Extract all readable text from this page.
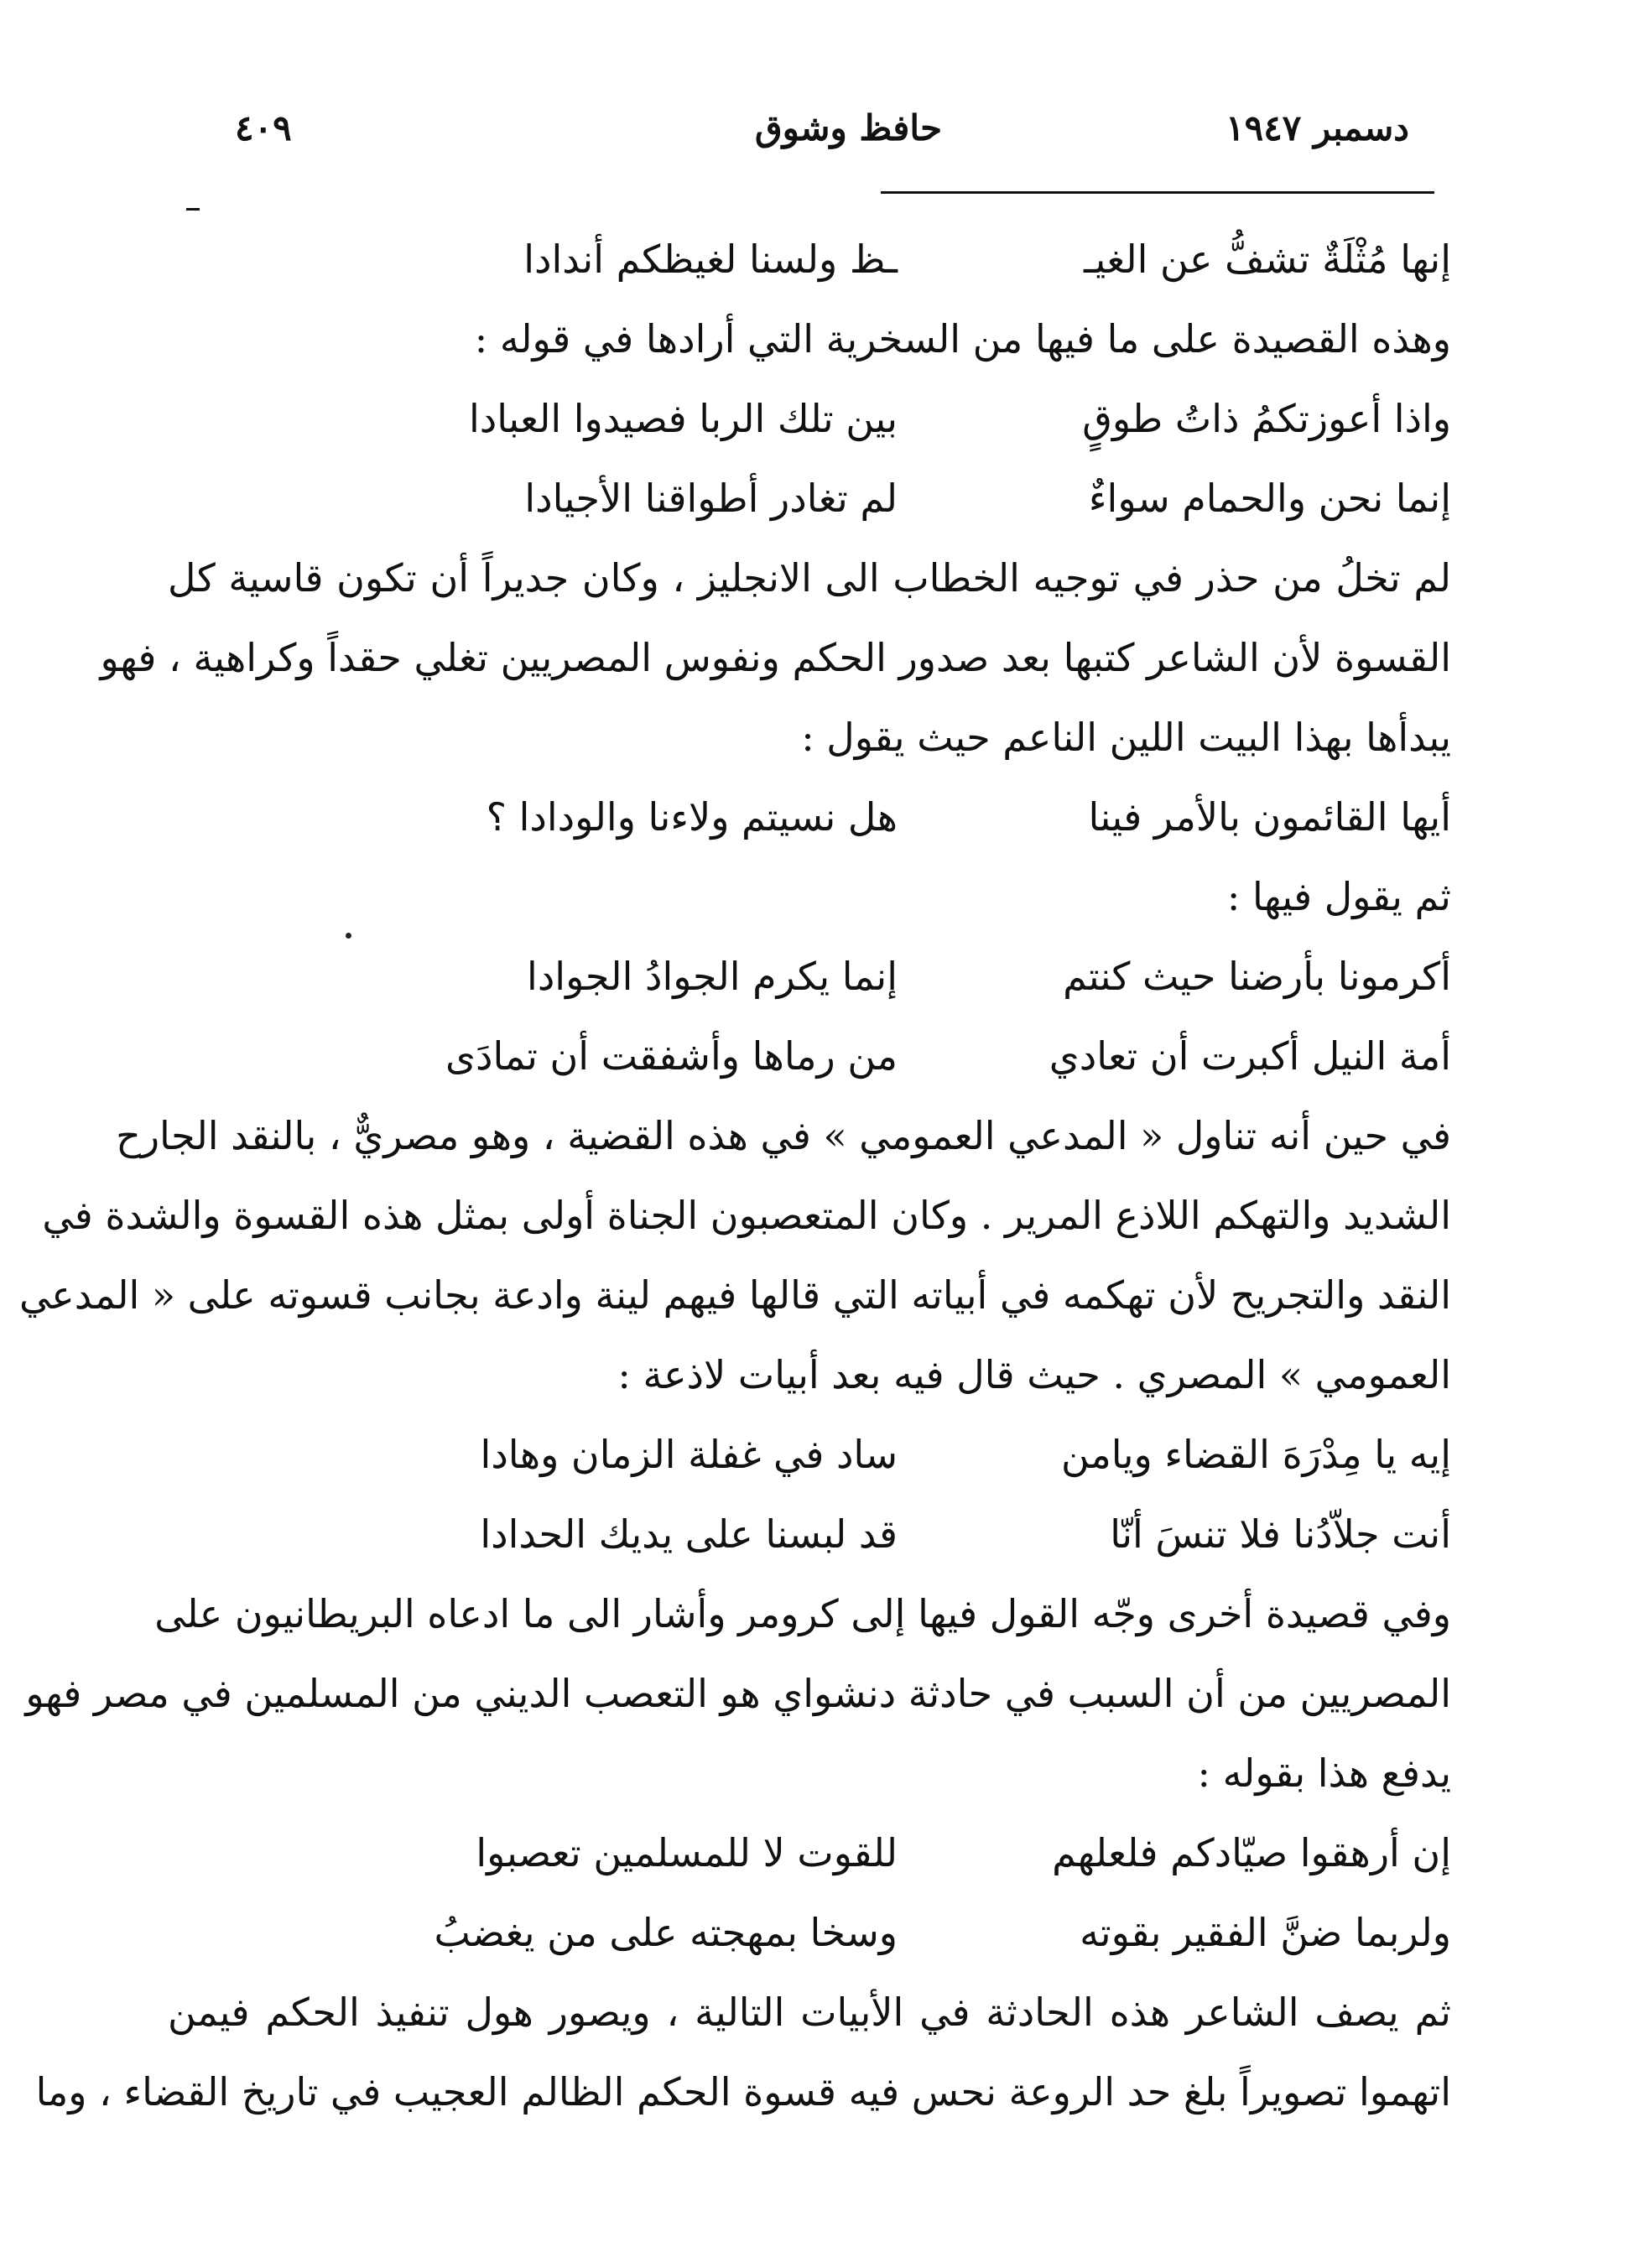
٤٠٩	حافظ وشوق	دسمبر ١٩٤٧
إنها مُثْلَةٌ تشفُّ عن الغيـ
ـظ ولسنا لغيظكم أندادا
وهذه القصيدة على ما فيها من السخرية التي أرادها في قوله :
واذا أعوزتكمُ ذاتُ طوقٍ
بين تلك الربا فصيدوا العبادا
إنما نحن والحمام سواءٌ
لم تغادر أطواقنا الأجيادا
لم تخلُ من حذر في توجيه الخطاب الى الانجليز ، وكان جديراً أن تكون قاسية كل
القسوة لأن الشاعر كتبها بعد صدور الحكم ونفوس المصريين تغلي حقداً وكراهية ، فهو
يبدأها بهذا البيت اللين الناعم حيث يقول :
أيها القائمون بالأمر فينا
هل نسيتم ولاءنا والودادا ؟
ثم يقول فيها :
أكرمونا بأرضنا حيث كنتم
إنما يكرم الجوادُ الجوادا
أمة النيل أكبرت أن تعادي
من رماها وأشفقت أن تمادَى
في حين أنه تناول « المدعي العمومي » في هذه القضية ، وهو مصريٌّ ، بالنقد الجارح
الشديد والتهكم اللاذع المرير . وكان المتعصبون الجناة أولى بمثل هذه القسوة والشدة في
النقد والتجريح لأن تهكمه في أبياته التي قالها فيهم لينة وادعة بجانب قسوته على « المدعي
العمومي » المصري . حيث قال فيه بعد أبيات لاذعة :
إيه يا مِدْرَهَ القضاء ويامن
ساد في غفلة الزمان وهادا
أنت جلاّدُنا فلا تنسَ أنّا
قد لبسنا على يديك الحدادا
وفي قصيدة أخرى وجّه القول فيها إلى كرومر وأشار الى ما ادعاه البريطانيون على
المصريين من أن السبب في حادثة دنشواي هو التعصب الديني من المسلمين في مصر فهو
يدفع هذا بقوله :
إن أرهقوا صيّادكم فلعلهم
للقوت لا للمسلمين تعصبوا
ولربما ضنَّ الفقير بقوته
وسخا بمهجته على من يغضبُ
ثم يصف الشاعر هذه الحادثة في الأبيات التالية ، ويصور هول تنفيذ الحكم فيمن
اتهموا تصويراً بلغ حد الروعة نحس فيه قسوة الحكم الظالم العجيب في تاريخ القضاء ، وما
